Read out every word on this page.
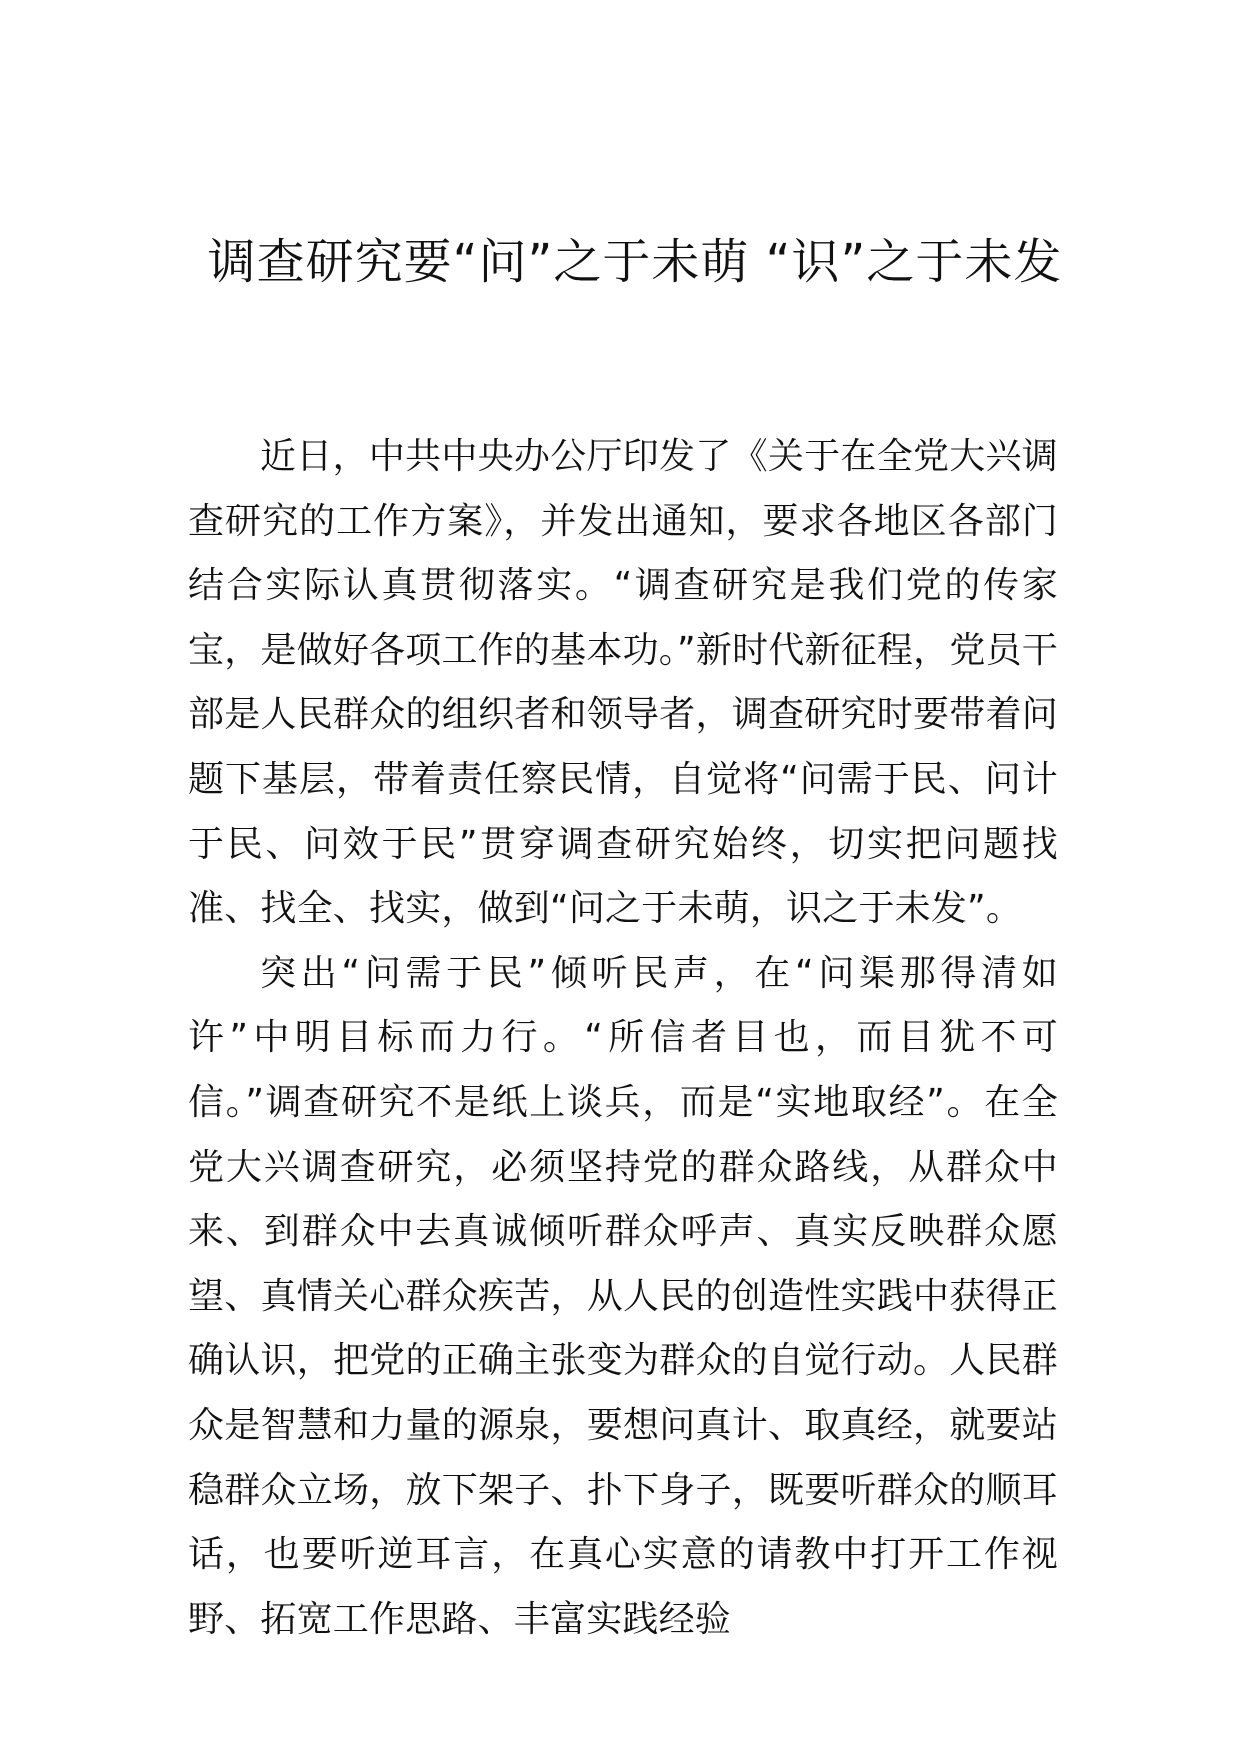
调查研究要“问”之于未萌 “识”之于未发

近日，中共中央办公厅印发了《关于在全党大兴调查研究的工作方案》，并发出通知，要求各地区各部门结合实际认真贯彻落实。“调查研究是我们党的传家宝，是做好各项工作的基本功。”新时代新征程，党员干部是人民群众的组织者和领导者，调查研究时要带着问题下基层，带着责任察民情，自觉将“问需于民、问计于民、问效于民”贯穿调查研究始终，切实把问题找准、找全、找实，做到“问之于未萌，识之于未发”。

突出“问需于民”倾听民声，在“问渠那得清如许”中明目标而力行。“所信者目也，而目犹不可信。”调查研究不是纸上谈兵，而是“实地取经”。在全党大兴调查研究，必须坚持党的群众路线，从群众中来、到群众中去真诚倾听群众呼声、真实反映群众愿望、真情关心群众疾苦，从人民的创造性实践中获得正确认识，把党的正确主张变为群众的自觉行动。人民群众是智慧和力量的源泉，要想问真计、取真经，就要站稳群众立场，放下架子、扑下身子，既要听群众的顺耳话，也要听逆耳言，在真心实意的请教中打开工作视野、拓宽工作思路、丰富实践经验
